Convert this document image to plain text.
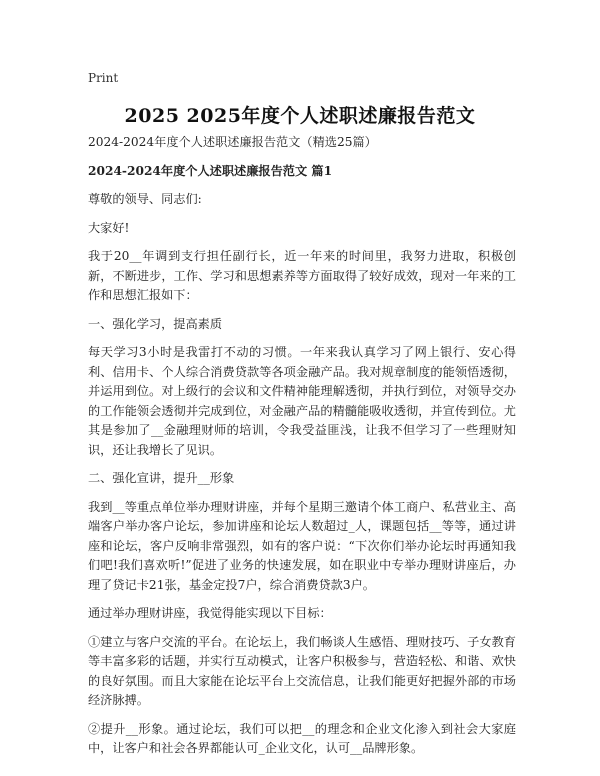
Print
2025 2025年度个人述职述廉报告范文

2024-2024年度个人述职述廉报告范文（精选25篇）

2024-2024年度个人述职述廉报告范文 篇1

尊敬的领导、同志们:

大家好!

我于20__年调到支行担任副行长，近一年来的时间里，我努力进取，积极创新，不断进步，工作、学习和思想素养等方面取得了较好成效，现对一年来的工作和思想汇报如下：

一、强化学习，提高素质

每天学习3小时是我雷打不动的习惯。一年来我认真学习了网上银行、安心得利、信用卡、个人综合消费贷款等各项金融产品。我对规章制度的能领悟透彻，并运用到位。对上级行的会议和文件精神能理解透彻，并执行到位，对领导交办的工作能领会透彻并完成到位，对金融产品的精髓能吸收透彻，并宣传到位。尤其是参加了__金融理财师的培训，令我受益匪浅，让我不但学习了一些理财知识，还让我增长了见识。

二、强化宣讲，提升__形象

我到__等重点单位举办理财讲座，并每个星期三邀请个体工商户、私营业主、高端客户举办客户论坛，参加讲座和论坛人数超过_人，课题包括__等等，通过讲座和论坛，客户反响非常强烈，如有的客户说：“下次你们举办论坛时再通知我们吧!我们喜欢听!”促进了业务的快速发展，如在职业中专举办理财讲座后，办理了贷记卡21张，基金定投7户，综合消费贷款3户。

通过举办理财讲座，我觉得能实现以下目标：

①建立与客户交流的平台。在论坛上，我们畅谈人生感悟、理财技巧、子女教育等丰富多彩的话题，并实行互动模式，让客户积极参与，营造轻松、和谐、欢快的良好氛围。而且大家能在论坛平台上交流信息，让我们能更好把握外部的市场经济脉搏。

②提升__形象。通过论坛，我们可以把__的理念和企业文化渗入到社会大家庭中，让客户和社会各界都能认可_企业文化，认可__品牌形象。
